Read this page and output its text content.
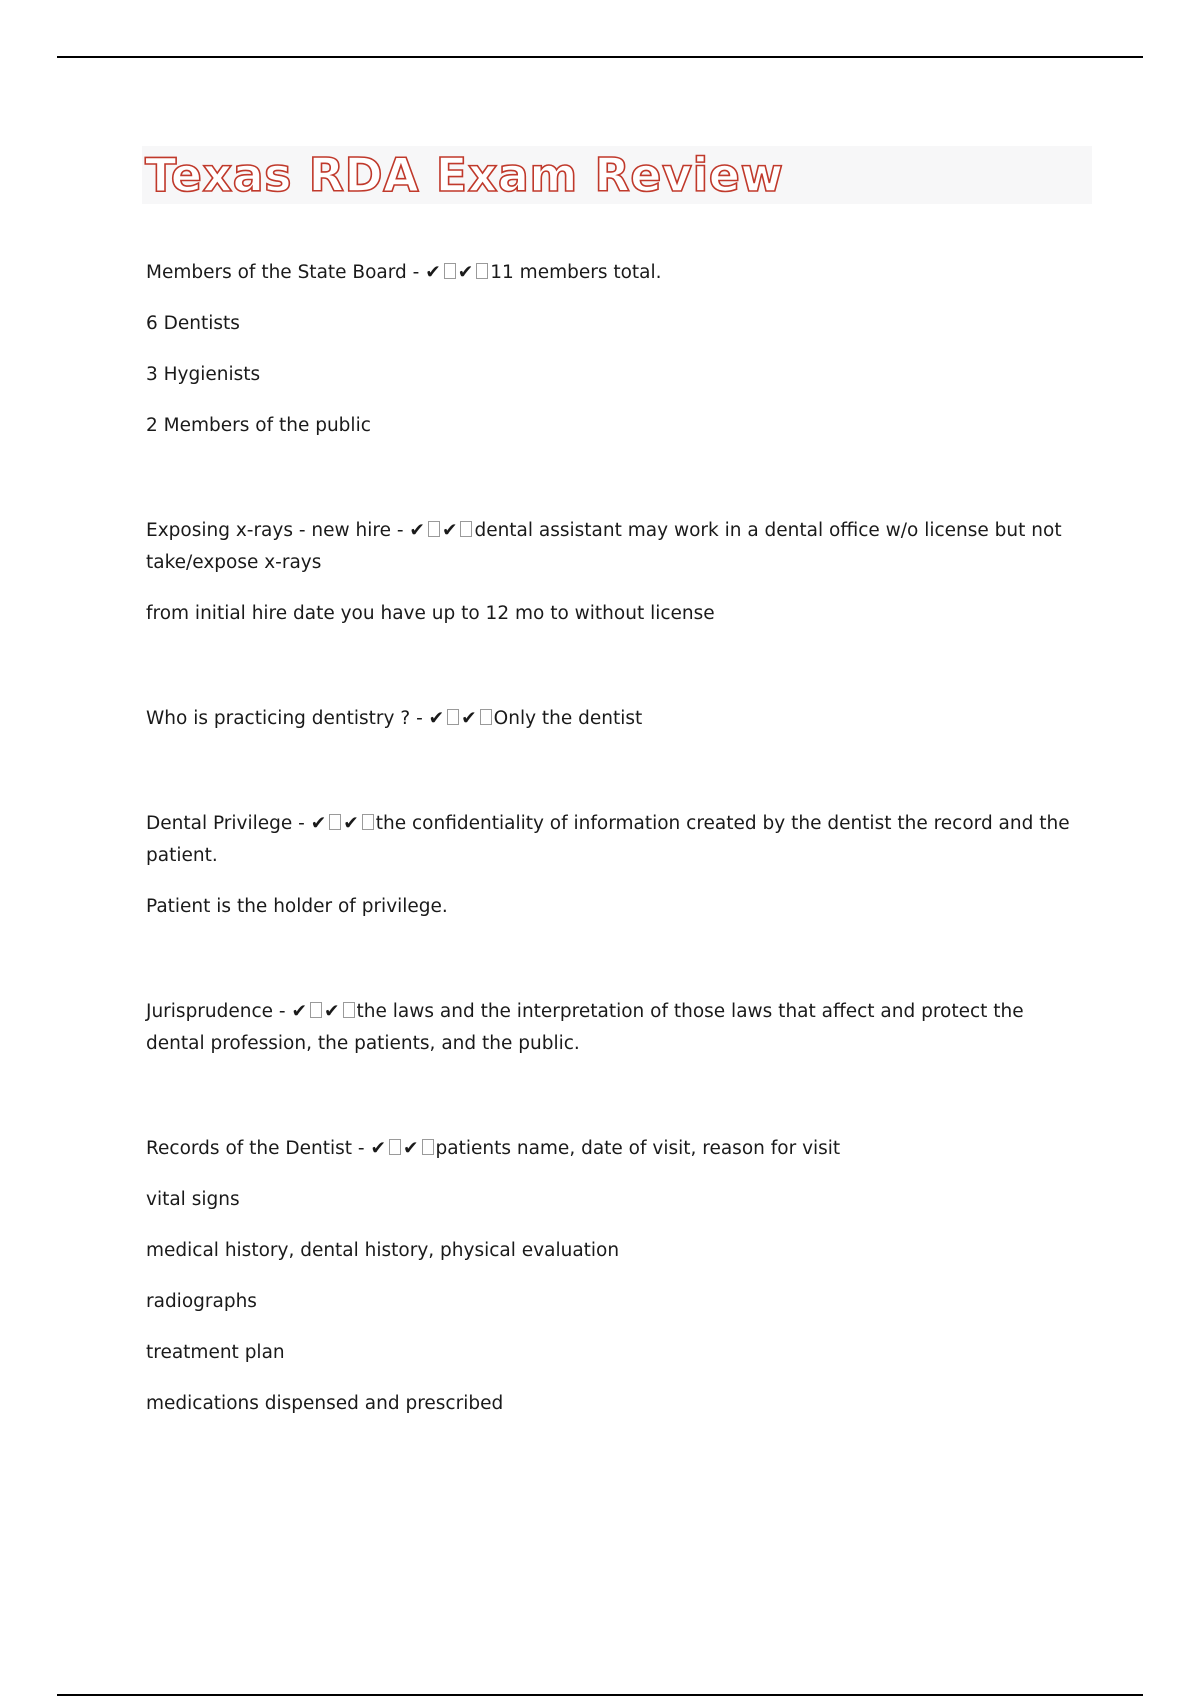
Texas RDA Exam Review

Members of the State Board - ✔ ✔ 11 members total.

6 Dentists

3 Hygienists

2 Members of the public

Exposing x-rays - new hire - ✔ ✔ dental assistant may work in a dental office w/o license but not take/expose x-rays

from initial hire date you have up to 12 mo to without license

Who is practicing dentistry ? - ✔ ✔ Only the dentist

Dental Privilege - ✔ ✔ the confidentiality of information created by the dentist the record and the patient.

Patient is the holder of privilege.

Jurisprudence - ✔ ✔ the laws and the interpretation of those laws that affect and protect the dental profession, the patients, and the public.

Records of the Dentist - ✔ ✔ patients name, date of visit, reason for visit

vital signs

medical history, dental history, physical evaluation

radiographs

treatment plan

medications dispensed and prescribed
